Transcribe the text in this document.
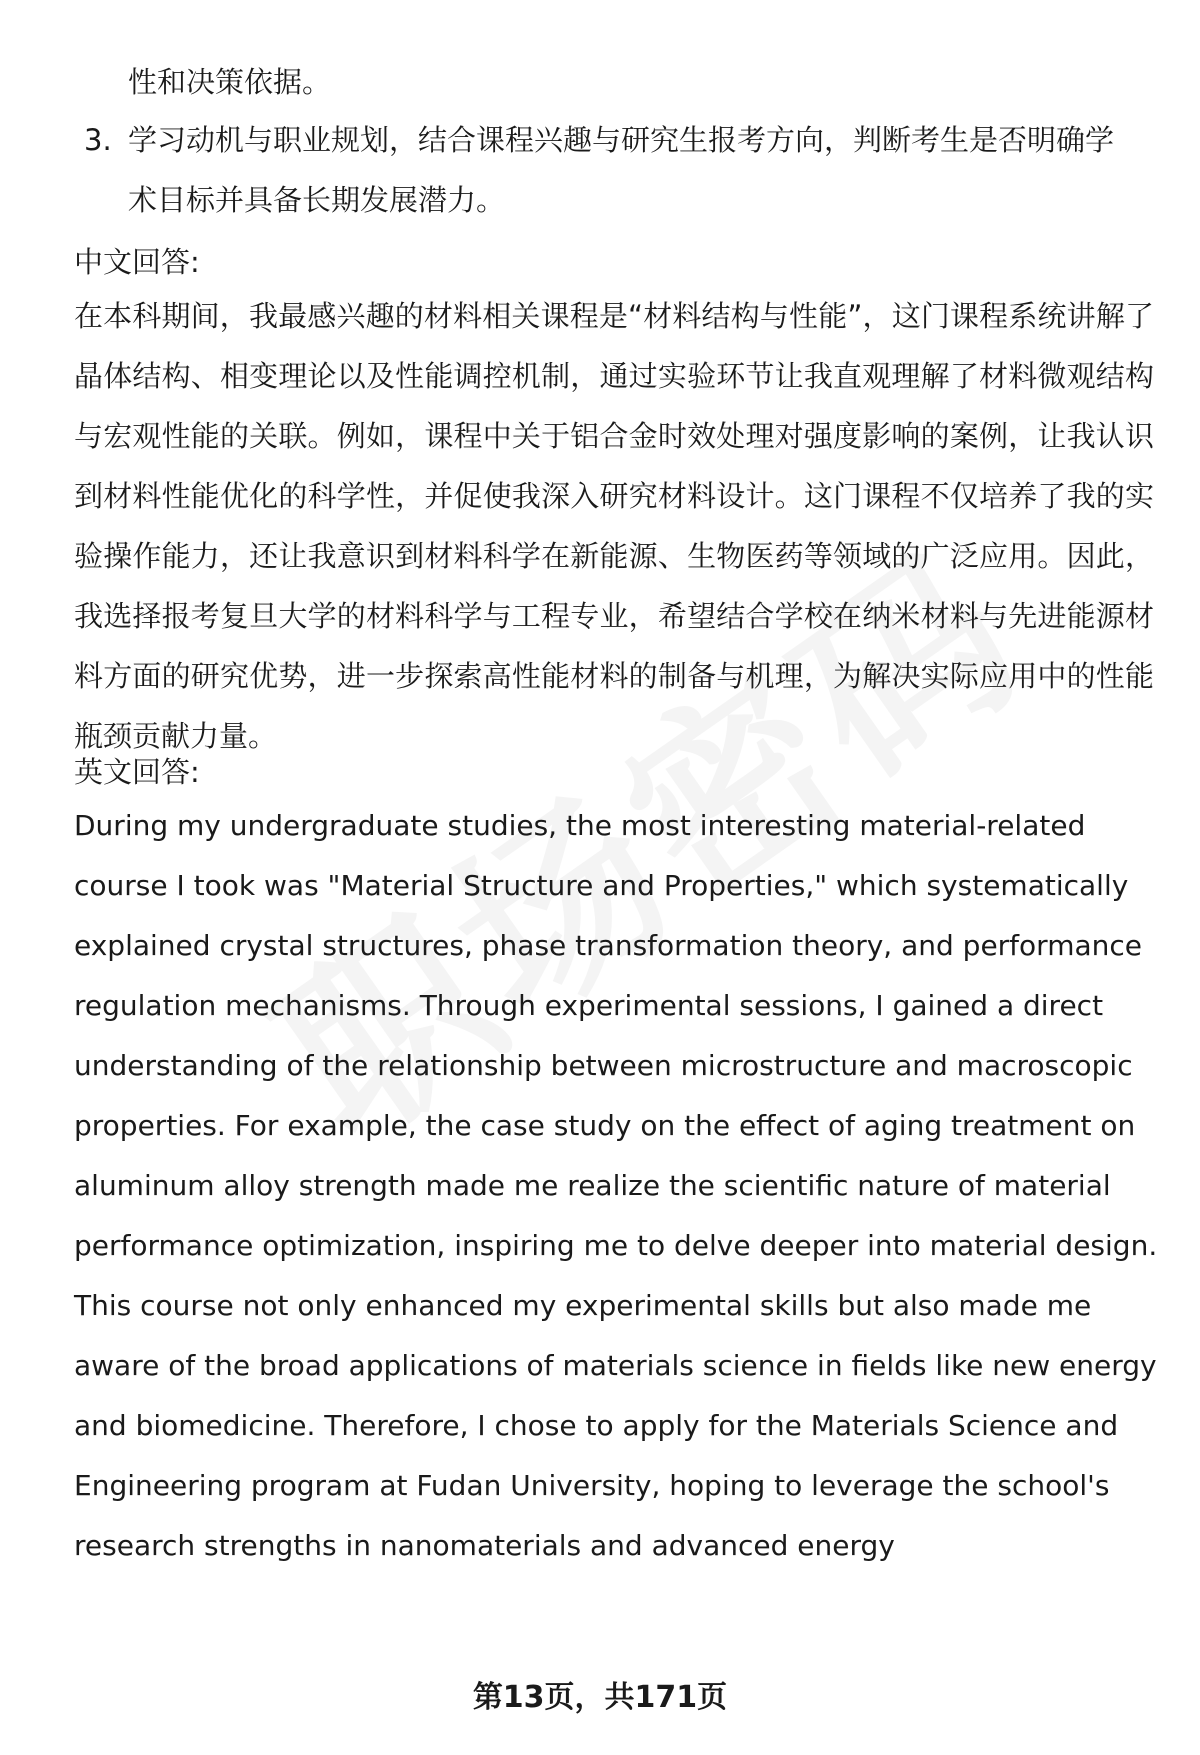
性和决策依据。

3. 学习动机与职业规划，结合课程兴趣与研究生报考方向，判断考生是否明确学术目标并具备长期发展潜力。

中文回答:

在本科期间，我最感兴趣的材料相关课程是“材料结构与性能”，这门课程系统讲解了晶体结构、相变理论以及性能调控机制，通过实验环节让我直观理解了材料微观结构与宏观性能的关联。例如，课程中关于铝合金时效处理对强度影响的案例，让我认识到材料性能优化的科学性，并促使我深入研究材料设计。这门课程不仅培养了我的实验操作能力，还让我意识到材料科学在新能源、生物医药等领域的广泛应用。因此，我选择报考复旦大学的材料科学与工程专业，希望结合学校在纳米材料与先进能源材料方面的研究优势，进一步探索高性能材料的制备与机理，为解决实际应用中的性能瓶颈贡献力量。

英文回答:

During my undergraduate studies, the most interesting material-related course I took was "Material Structure and Properties," which systematically explained crystal structures, phase transformation theory, and performance regulation mechanisms. Through experimental sessions, I gained a direct understanding of the relationship between microstructure and macroscopic properties. For example, the case study on the effect of aging treatment on aluminum alloy strength made me realize the scientific nature of material performance optimization, inspiring me to delve deeper into material design. This course not only enhanced my experimental skills but also made me aware of the broad applications of materials science in fields like new energy and biomedicine. Therefore, I chose to apply for the Materials Science and Engineering program at Fudan University, hoping to leverage the school's research strengths in nanomaterials and advanced energy

第13页，共171页
